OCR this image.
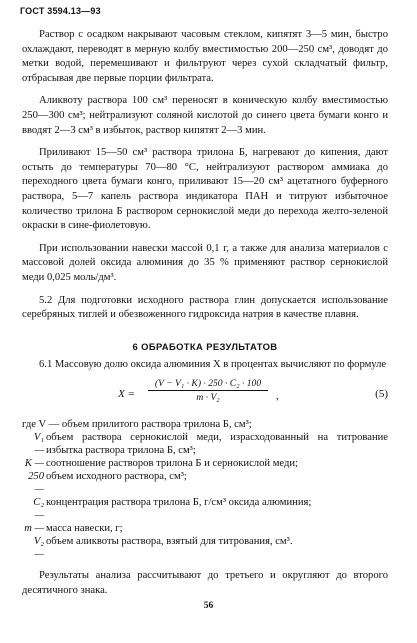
ГОСТ 3594.13—93

Раствор с осадком накрывают часовым стеклом, кипятят 3—5 мин, быстро охлаждают, переводят в мерную колбу вместимостью 200—250 см³, доводят до метки водой, перемешивают и фильтруют через сухой складчатый фильтр, отбрасывая две первые порции фильтрата.

Аликвоту раствора 100 см³ переносят в коническую колбу вместимостью 250—300 см³; нейтрализуют соляной кислотой до синего цвета бумаги конго и вводят 2—3 см³ в избыток, раствор кипятят 2—3 мин.

Приливают 15—50 см³ раствора трилона Б, нагревают до кипения, дают остыть до температуры 70—80 °С, нейтрализуют раствором аммиака до переходного цвета бумаги конго, приливают 15—20 см³ ацетатного буферного раствора, 5—7 капель раствора индикатора ПАН и титруют избыточное количество трилона Б раствором сернокислой меди до перехода желто-зеленой окраски в сине-фиолетовую.

При использовании навески массой 0,1 г, а также для анализа материалов с массовой долей оксида алюминия до 35 % применяют раствор сернокислой меди 0,025 моль/дм³.

5.2 Для подготовки исходного раствора глин допускается использование серебряных тиглей и обезвоженного гидроксида натрия в качестве плавня.

6 ОБРАБОТКА РЕЗУЛЬТАТОВ

6.1 Массовую долю оксида алюминия X в процентах вычисляют по формуле

$X = \frac{\text{(V − V₁ · K) · 250 · C₂ · 100}}{\text{m · V₂}}$ ,	(5)
где V — объем прилитого раствора трилона Б, см³;
V₁ —
объем раствора сернокислой меди, израсходованный на титрование избытка раствора трилона Б, см³;
K — соотношение растворов трилона Б и сернокислой меди;
250 —
объем исходного раствора, см³;
C₂ —
концентрация раствора трилона Б, г/см³ оксида алюминия;
m — масса навески, г;
V₂ —
объем аликвоты раствора, взятый для титрования, см³.

Результаты анализа рассчитывают до третьего и округляют до второго десятичного знака.

56
